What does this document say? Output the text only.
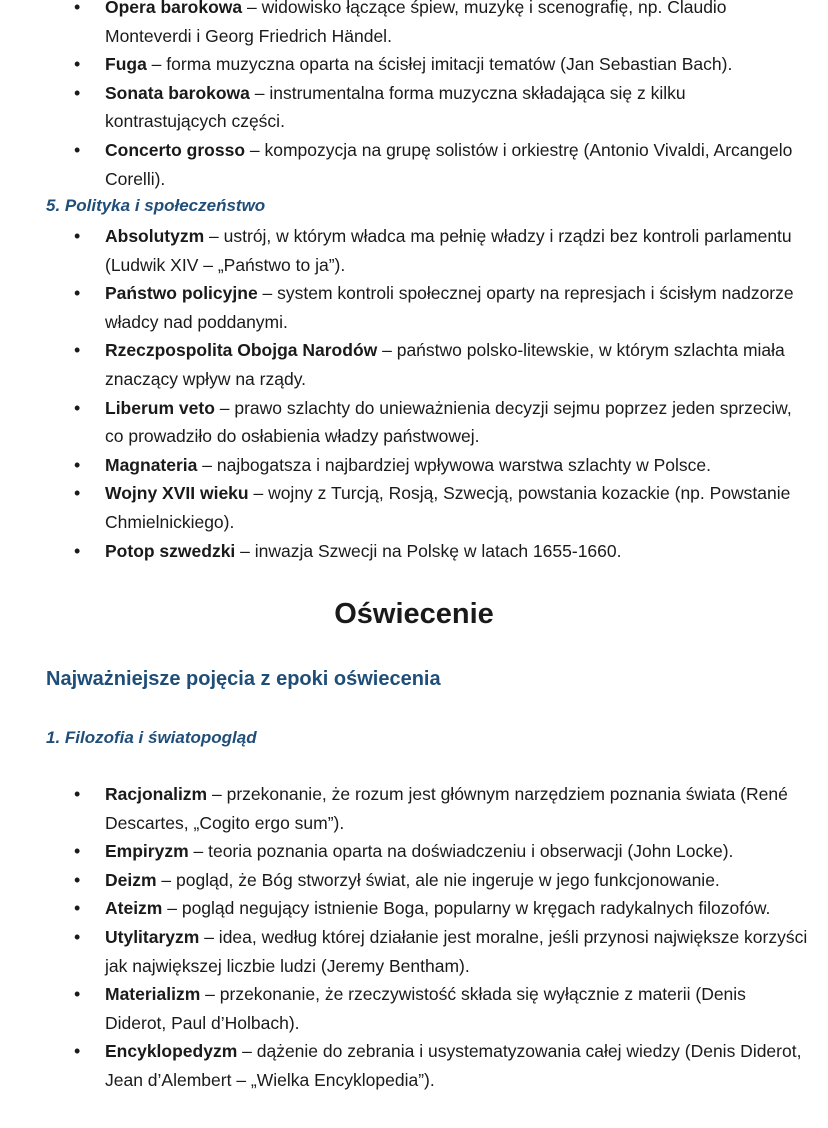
• Opera barokowa – widowisko łączące śpiew, muzykę i scenografię, np. Claudio Monteverdi i Georg Friedrich Händel.
• Fuga – forma muzyczna oparta na ścisłej imitacji tematów (Jan Sebastian Bach).
• Sonata barokowa – instrumentalna forma muzyczna składająca się z kilku kontrastujących części.
• Concerto grosso – kompozycja na grupę solistów i orkiestrę (Antonio Vivaldi, Arcangelo Corelli).
5. Polityka i społeczeństwo
• Absolutyzm – ustrój, w którym władca ma pełnię władzy i rządzi bez kontroli parlamentu (Ludwik XIV – „Państwo to ja”).
• Państwo policyjne – system kontroli społecznej oparty na represjach i ścisłym nadzorze władcy nad poddanymi.
• Rzeczpospolita Obojga Narodów – państwo polsko-litewskie, w którym szlachta miała znaczący wpływ na rządy.
• Liberum veto – prawo szlachty do unieważnienia decyzji sejmu poprzez jeden sprzeciw, co prowadziło do osłabienia władzy państwowej.
• Magnateria – najbogatsza i najbardziej wpływowa warstwa szlachty w Polsce.
• Wojny XVII wieku – wojny z Turcją, Rosją, Szwecją, powstania kozackie (np. Powstanie Chmielnickiego).
• Potop szwedzki – inwazja Szwecji na Polskę w latach 1655-1660.
Oświecenie
Najważniejsze pojęcia z epoki oświecenia
1. Filozofia i światopogląd
• Racjonalizm – przekonanie, że rozum jest głównym narzędziem poznania świata (René Descartes, „Cogito ergo sum”).
• Empiryzm – teoria poznania oparta na doświadczeniu i obserwacji (John Locke).
• Deizm – pogląd, że Bóg stworzył świat, ale nie ingeruje w jego funkcjonowanie.
• Ateizm – pogląd negujący istnienie Boga, popularny w kręgach radykalnych filozofów.
• Utylitaryzm – idea, według której działanie jest moralne, jeśli przynosi największe korzyści jak największej liczbie ludzi (Jeremy Bentham).
• Materializm – przekonanie, że rzeczywistość składa się wyłącznie z materii (Denis Diderot, Paul d’Holbach).
• Encyklopedyzm – dążenie do zebrania i usystematyzowania całej wiedzy (Denis Diderot, Jean d’Alembert – „Wielka Encyklopedia”).
